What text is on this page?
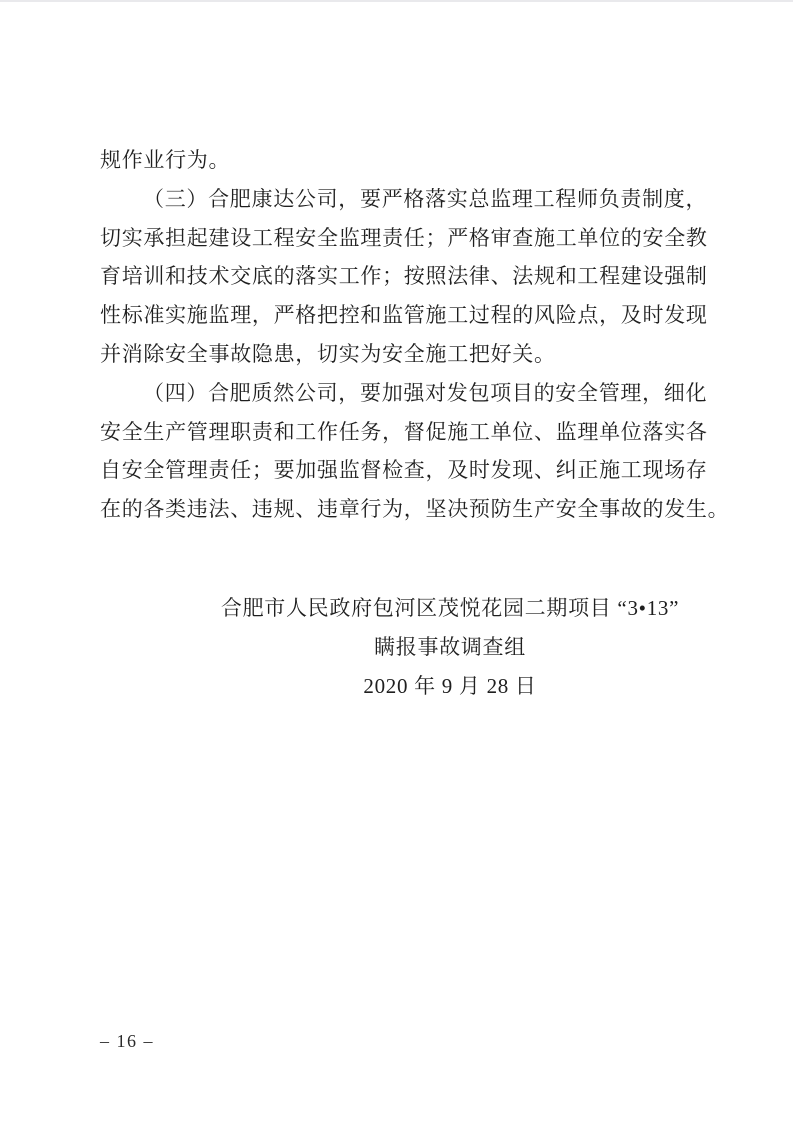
规作业行为。
（三）合肥康达公司，要严格落实总监理工程师负责制度，
切实承担起建设工程安全监理责任；严格审查施工单位的安全教
育培训和技术交底的落实工作；按照法律、法规和工程建设强制
性标准实施监理，严格把控和监管施工过程的风险点，及时发现
并消除安全事故隐患，切实为安全施工把好关。
（四）合肥质然公司，要加强对发包项目的安全管理，细化
安全生产管理职责和工作任务，督促施工单位、监理单位落实各
自安全管理责任；要加强监督检查，及时发现、纠正施工现场存
在的各类违法、违规、违章行为，坚决预防生产安全事故的发生。
合肥市人民政府包河区茂悦花园二期项目 “3•13”
瞒报事故调查组
2020 年 9 月 28 日
– 16 –
